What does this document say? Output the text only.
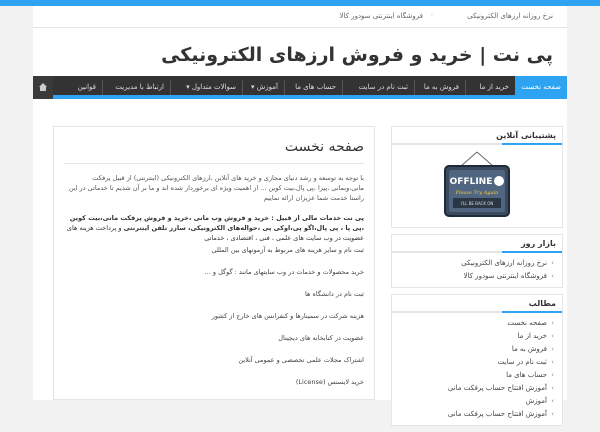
نرخ روزانه ارزهای الکترونیکی
-
فروشگاه اینترنتی سودور کالا
پی نت | خرید و فروش ارزهای الکترونیکی
صفحه نخست
خرید از ما
فروش به ما
ثبت نام در سایت
حساب های ما
آموزش ▾
سوالات متداول ▾
ارتباط با مدیریت
قوانین
پشتیبانی آنلاین
OFFLINE
Please Try Again
I'LL BE BACK ON
بازار روز
› نرخ روزانه ارزهای الکترونیکی
› فروشگاه اینترنتی سودور کالا
مطالب
› صفحه نخست
› خرید از ما
› فروش به ما
› ثبت نام در سایت
› حساب های ما
› آموزش افتتاح حساب پرفکت مانی
› آموزش
› آموزش افتتاح حساب پرفکت مانی
صفحه نخست

با توجه به توسعه و رشد دنیای مجازی و خرید های آنلاین ،ارزهای الکترونیکی (اینترنتی) از قبیل پرفکت مانی،وبمانی ،پیزا ،پی پال،بیت کوین ... از اهمیت ویژه ای برخوردار شده اند و ما بر آن شدیم تا خدماتی در این راستا خدمت شما عزیزان ارائه نماییم

پی نت خدمات مالی از قبیل : خرید و فروش وب مانی ،خرید و فروش پرفکت مانی،بیت کوین ،پی پا ، پی پال،اگو پی،اوکی پی ،حواله‌های الکترونیکی، سازز تلفن اینترنتی و پرداخت هزینه های عضویت در وب سایت های علمی ، فنی ، اقتصادی ، خدماتی

ثبت نام و سایر هزینه های مربوط به آزمونهای بین المللی
خرید محصولات و خدمات در وب سایتهای مانند : گوگل و ...
ثبت نام در دانشگاه ها
هزینه شرکت در سمینارها و کنفرانس های خارج از کشور
عضویت در کتابخانه های دیجیتال
اشتراک مجلات علمی تخصصی و عمومی آنلاین
خرید لایسنس (License)
